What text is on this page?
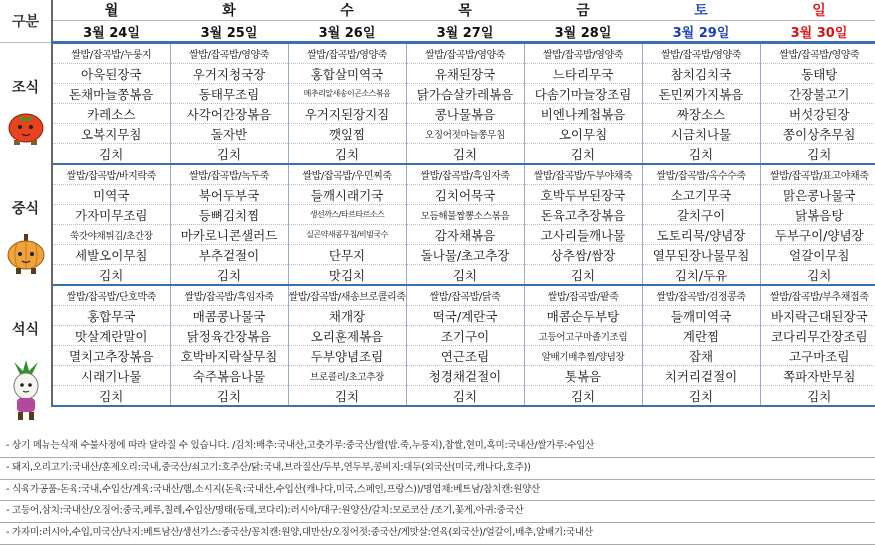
구분	월	화	수	목	금	토	일
	3월 24일	3월 25일	3월 26일	3월 27일	3월 28일	3월 29일	3월 30일

조식	쌀밥/잡곡밥/누룽지	쌀밥/잡곡밥/영양죽	쌀밥/잡곡밥/영양죽	쌀밥/잡곡밥/영양죽	쌀밥/잡곡밥/영양죽	쌀밥/잡곡밥/영양죽	쌀밥/잡곡밥/영양죽
	아욱된장국	우거지청국장	홍합살미역국	유채된장국	느타리무국	참치김치국	동태탕
	돈채마늘쫑볶음	동태무조림	메추리알새송이곤소스볶음	닭가슴살카레볶음	다솜기마늘장조림	돈민찌가지볶음	간장불고기
	카레소스	사각어간장볶음	우거지된장지짐	콩나물볶음	비엔나케첩볶음	짜장소스	버섯강된장
	오복지무침	돌자반	깻잎찜	오징어젓마늘쫑무침	오이무침	시금치나물	쫑이상추무침
	김치	김치	김치	김치	김치	김치	김치

중식	쌀밥/잡곡밥/바지락죽	쌀밥/잡곡밥/녹두죽	쌀밥/잡곡밥/우민찌죽	쌀밥/잡곡밥/흑임자죽	쌀밥/잡곡밥/두부야채죽	쌀밥/잡곡밥/옥수수죽	쌀밥/잡곡밥/표고야채죽
	미역국	북어두부국	들깨시래기국	김치어묵국	호박두부된장국	소고기무국	맑은콩나물국
	가자미무조림	등뼈김치찜	생선까스/타르타르소스	모듬해물짬뽕소스볶음	돈육고추장볶음	갈치구이	닭볶음탕
	쑥갓야채튀김/초간장	마카로니콘샐러드	실곤약새콤무침/비빔국수	감자채볶음	고사리들깨나물	도토리묵/양념장	두부구이/양념장
	세발오이무침	부추겉절이	단무지	돌나물/초고추장	상추쌈/쌈장	열무된장나물무침	얼갈이무침
	김치	김치	맛김치	김치	김치	김치/두유	김치

석식	쌀밥/잡곡밥/단호박죽	쌀밥/잡곡밥/흑임자죽	쌀밥/잡곡밥/새송브로콜리죽	쌀밥/잡곡밥/닭죽	쌀밥/잡곡밥/팥죽	쌀밥/잡곡밥/검정콩죽	쌀밥/잡곡밥/부추채접죽
	홍합무국	매콤콩나물국	채개장	떡국/계란국	매콤순두부탕	들깨미역국	바지락근대된장국
	맛살계란말이	닭정육간장볶음	오리훈제볶음	조기구이	고등어고구마졸기조림	계란찜	코다리무간장조림
	멸치고추장볶음	호박바지락살무침	두부양념조림	연근조림	알배기배추찜/양념장	잡채	고구마조림
	시래기나물	숙주볶음나물	브로콜리/초고추장	청경채겉절이	톳볶음	치커리겉절이	쪽파자반무침
	김치	김치	김치	김치	김치	김치	김치
- 상기 메뉴는식재 수불사정에 따라 달라질 수 있습니다. /김치:배추:국내산,고춧가루:중국산/쌀(밥.죽,누룽지),찹쌀,현미,흑미:국내산/쌀가루:수입산
- 돼지,오리고기:국내산/훈제오리:국내,중국산/쇠고기:호주산/닭:국내,브라질산/두부,연두부,콩비지:대두(외국산(미국,캐나다,호주))
- 식육가공품-돈육:국내,수입산/계육:국내산/햄,소시지(돈육:국내산,수입산(캐나다,미국,스페인,프랑스))/명엽채:베트남/참치캔:원양산
- 고등어,삼치:국내산/오징어:중국,페루,칠레,수입산/명태(동태,코다리):러시아/대구:원양산/갈치:모로코산 /조기,꽃게,아귀:중국산
- 가자미:러시아,수입,미국산/낙지:베트남산/생선가스:중국산/꽁치캔:원양,대만산/오징어젓:중국산/게맛살:연육(외국산)/얼갈이,배추,알배기:국내산
